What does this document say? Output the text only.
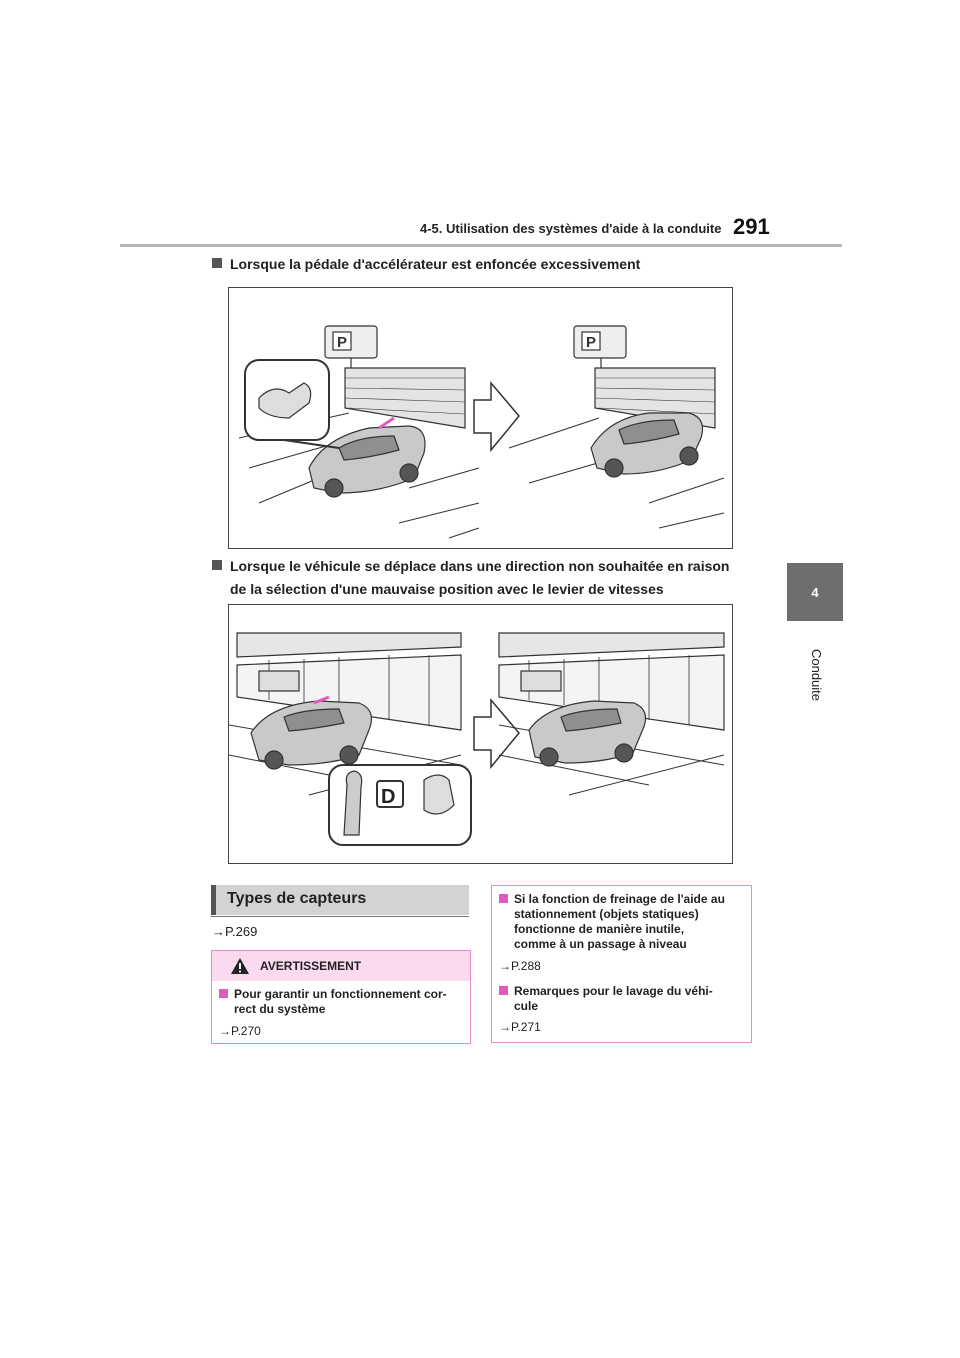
4-5. Utilisation des systèmes d'aide à la conduite 291
4
Conduite
Lorsque la pédale d'accélérateur est enfoncée excessivement
P	P
Lorsque le véhicule se déplace dans une direction non souhaitée en raison
de la sélection d'une mauvaise position avec le levier de vitesses
D
Types de capteurs
→P.269
AVERTISSEMENT
Pour garantir un fonctionnement cor-
rect du système
→P.270
Si la fonction de freinage de l'aide au
stationnement (objets statiques)
fonctionne de manière inutile,
comme à un passage à niveau
→P.288
Remarques pour le lavage du véhi-
cule
→P.271
